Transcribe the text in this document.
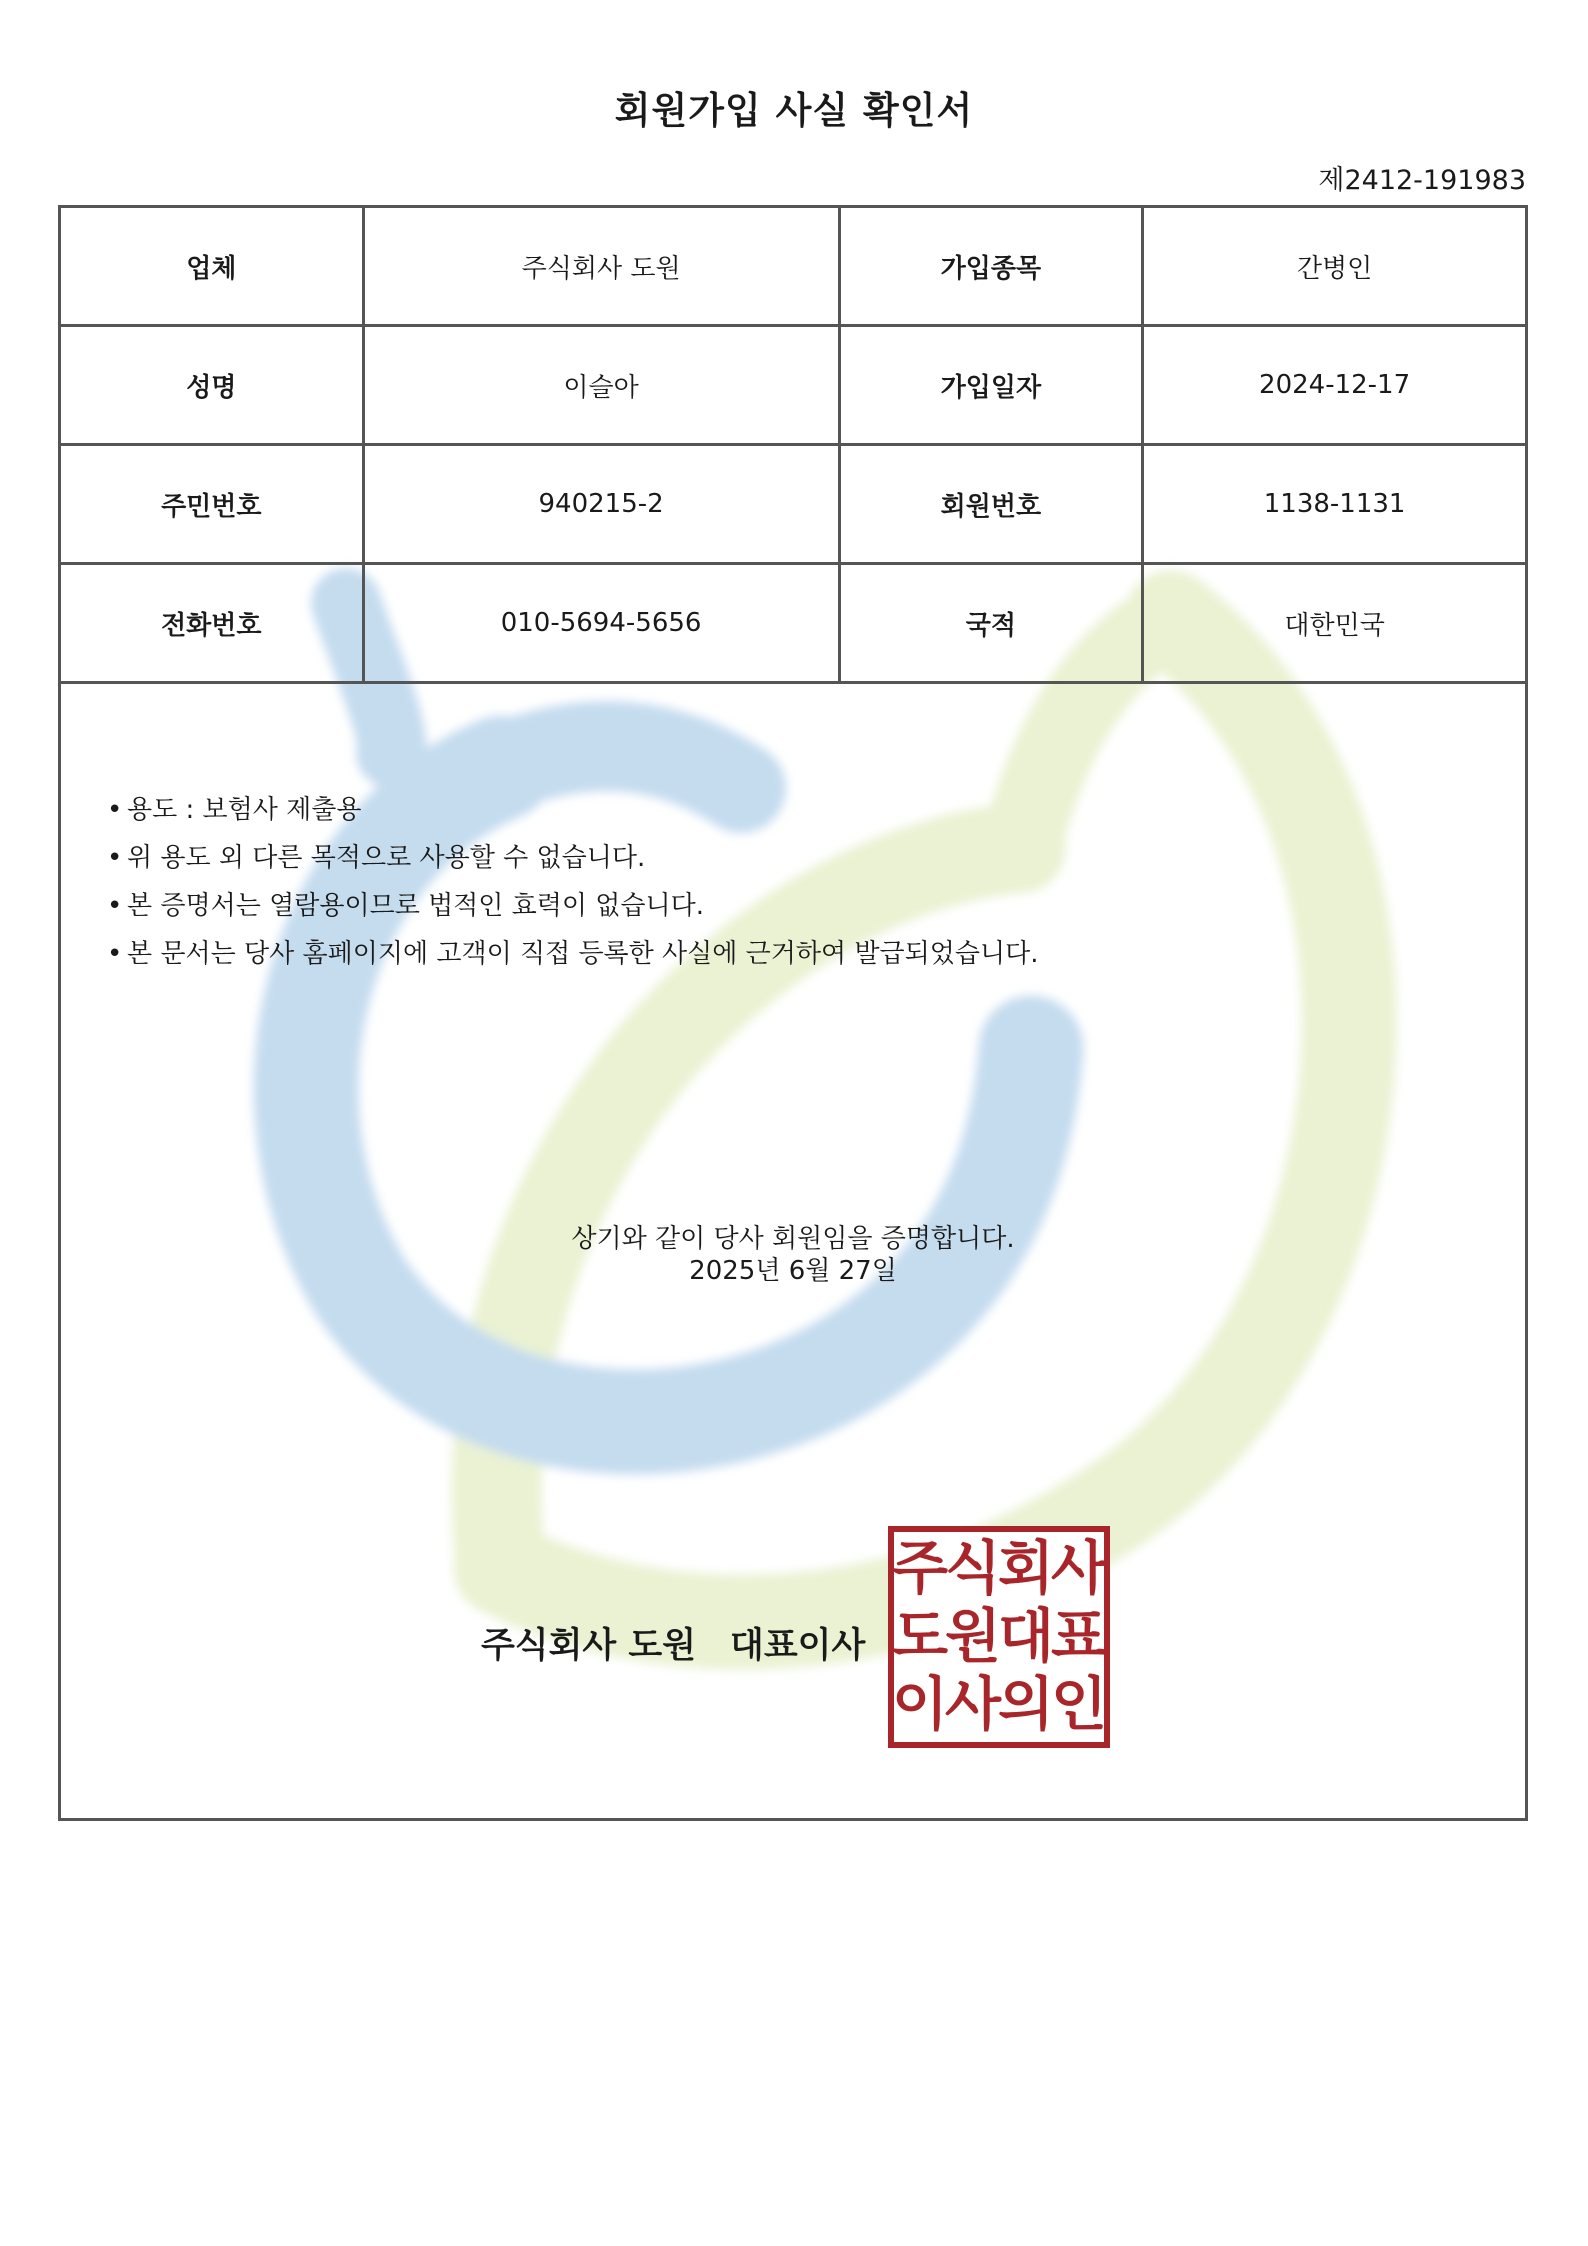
회원가입 사실 확인서
제2412-191983
업체	주식회사 도원	가입종목	간병인
성명	이슬아	가입일자	2024-12-17
주민번호	940215-2	회원번호	1138-1131
전화번호	010-5694-5656	국적	대한민국
• 용도 : 보험사 제출용
• 위 용도 외 다른 목적으로 사용할 수 없습니다.
• 본 증명서는 열람용이므로 법적인 효력이 없습니다.
• 본 문서는 당사 홈페이지에 고객이 직접 등록한 사실에 근거하여 발급되었습니다.
상기와 같이 당사 회원임을 증명합니다.
2025년 6월 27일
주식회사 도원 대표이사
주
식
회
사
도
원
대
표
이
사
의
인
